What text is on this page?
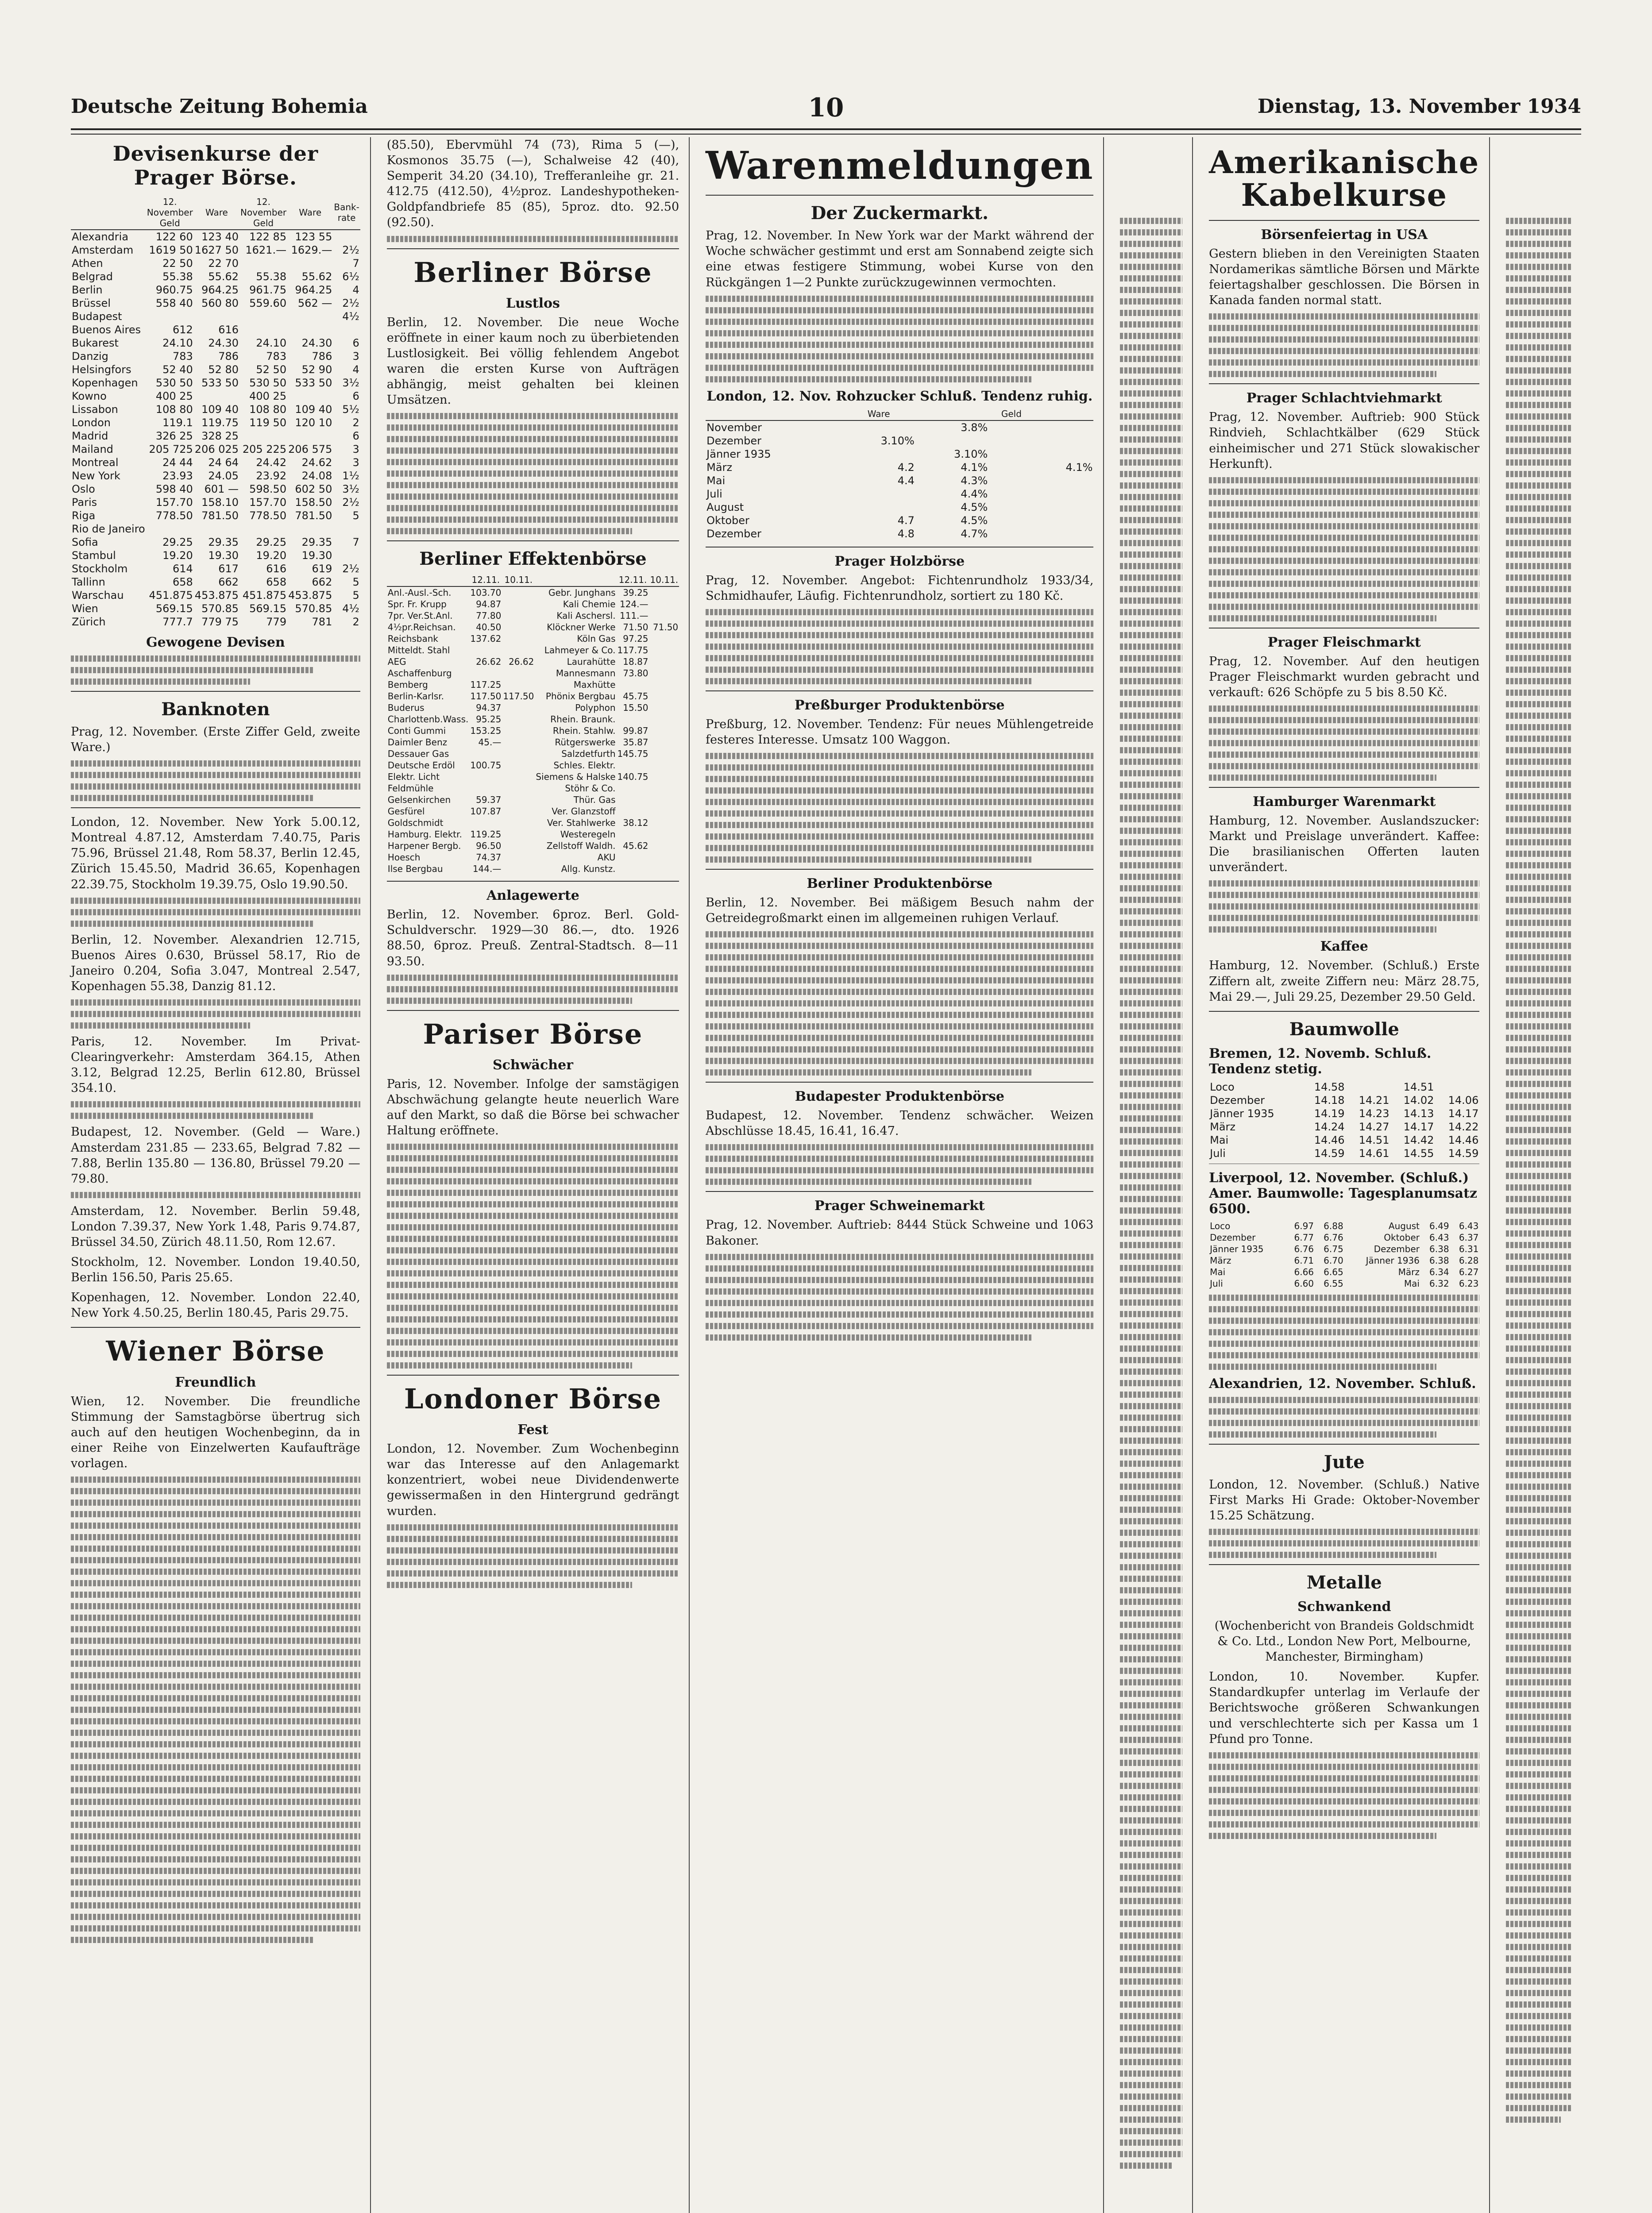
Deutsche Zeitung Bohemia	10	Dienstag, 13. November 1934
Devisenkurse der Prager Börse.
	12. November Geld	Ware	12. November Geld	Ware	Bank-rate
Alexandria	122 60	123 40	122 85	123 55	
Amsterdam	1619 50	1627 50	1621.—	1629.—	2½
Athen	22 50	22 70			7
Belgrad	55.38	55.62	55.38	55.62	6½
Berlin	960.75	964.25	961.75	964.25	4
Brüssel	558 40	560 80	559.60	562 —	2½
Budapest					4½
Buenos Aires	612	616			
Bukarest	24.10	24.30	24.10	24.30	6
Danzig	783	786	783	786	3
Helsingfors	52 40	52 80	52 50	52 90	4
Kopenhagen	530 50	533 50	530 50	533 50	3½
Kowno	400 25		400 25		6
Lissabon	108 80	109 40	108 80	109 40	5½
London	119.1	119.75	119 50	120 10	2
Madrid	326 25	328 25			6
Mailand	205 725	206 025	205 225	206 575	3
Montreal	24 44	24 64	24.42	24.62	3
New York	23.93	24.05	23.92	24.08	1½
Oslo	598 40	601 —	598.50	602 50	3½
Paris	157.70	158.10	157.70	158.50	2½
Riga	778.50	781.50	778.50	781.50	5
Rio de Janeiro					
Sofia	29.25	29.35	29.25	29.35	7
Stambul	19.20	19.30	19.20	19.30	
Stockholm	614	617	616	619	2½
Tallinn	658	662	658	662	5
Warschau	451.875	453.875	451.875	453.875	5
Wien	569.15	570.85	569.15	570.85	4½
Zürich	777.7	779 75	779	781	2
Gewogene Devisen
Banknoten

Prag, 12. November. (Erste Ziffer Geld, zweite Ware.)

London, 12. November. New York 5.00.12, Montreal 4.87.12, Amsterdam 7.40.75, Paris 75.96, Brüssel 21.48, Rom 58.37, Berlin 12.45, Zürich 15.45.50, Madrid 36.65, Kopenhagen 22.39.75, Stockholm 19.39.75, Oslo 19.90.50.

Berlin, 12. November. Alexandrien 12.715, Buenos Aires 0.630, Brüssel 58.17, Rio de Janeiro 0.204, Sofia 3.047, Montreal 2.547, Kopenhagen 55.38, Danzig 81.12.

Paris, 12. November. Im Privat-Clearingverkehr: Amsterdam 364.15, Athen 3.12, Belgrad 12.25, Berlin 612.80, Brüssel 354.10.

Budapest, 12. November. (Geld — Ware.) Amsterdam 231.85 — 233.65, Belgrad 7.82 — 7.88, Berlin 135.80 — 136.80, Brüssel 79.20 — 79.80.

Amsterdam, 12. November. Berlin 59.48, London 7.39.37, New York 1.48, Paris 9.74.87, Brüssel 34.50, Zürich 48.11.50, Rom 12.67.

Stockholm, 12. November. London 19.40.50, Berlin 156.50, Paris 25.65.

Kopenhagen, 12. November. London 22.40, New York 4.50.25, Berlin 180.45, Paris 29.75.

Wiener Börse
Freundlich

Wien, 12. November. Die freundliche Stimmung der Samstagbörse übertrug sich auch auf den heutigen Wochenbeginn, da in einer Reihe von Einzelwerten Kaufaufträge vorlagen.

(85.50), Ebervmühl 74 (73), Rima 5 (—), Kosmonos 35.75 (—), Schalweise 42 (40), Semperit 34.20 (34.10), Trefferanleihe gr. 21. 412.75 (412.50), 4½proz. Landeshypotheken-Goldpfandbriefe 85 (85), 5proz. dto. 92.50 (92.50).

Berliner Börse
Lustlos

Berlin, 12. November. Die neue Woche eröffnete in einer kaum noch zu überbietenden Lustlosigkeit. Bei völlig fehlendem Angebot waren die ersten Kurse von Aufträgen abhängig, meist gehalten bei kleinen Umsätzen.

Berliner Effektenbörse
	12.11.	10.11.		12.11.	10.11.
Anl.-Ausl.-Sch.	103.70		Gebr. Junghans	39.25	
Spr. Fr. Krupp	94.87		Kali Chemie	124.—	
7pr. Ver.St.Anl.	77.80		Kali Aschersl.	111.—	
4½pr.Reichsan.	40.50		Klöckner Werke	71.50	71.50
Reichsbank	137.62		Köln Gas	97.25	
Mitteldt. Stahl			Lahmeyer & Co.	117.75	
AEG	26.62	26.62	Laurahütte	18.87	
Aschaffenburg			Mannesmann	73.80	
Bemberg	117.25		Maxhütte		
Berlin-Karlsr.	117.50	117.50	Phönix Bergbau	45.75	
Buderus	94.37		Polyphon	15.50	
Charlottenb.Wass.	95.25		Rhein. Braunk.		
Conti Gummi	153.25		Rhein. Stahlw.	99.87	
Daimler Benz	45.—		Rütgerswerke	35.87	
Dessauer Gas			Salzdetfurth	145.75	
Deutsche Erdöl	100.75		Schles. Elektr.		
Elektr. Licht			Siemens & Halske	140.75	
Feldmühle			Stöhr & Co.		
Gelsenkirchen	59.37		Thür. Gas		
Gesfürel	107.87		Ver. Glanzstoff		
Goldschmidt			Ver. Stahlwerke	38.12	
Hamburg. Elektr.	119.25		Westeregeln		
Harpener Bergb.	96.50		Zellstoff Waldh.	45.62	
Hoesch	74.37		AKU		
Ilse Bergbau	144.—		Allg. Kunstz.		
Anlagewerte

Berlin, 12. November. 6proz. Berl. Gold-Schuldverschr. 1929—30 86.—, dto. 1926 88.50, 6proz. Preuß. Zentral-Stadtsch. 8—11 93.50.

Pariser Börse
Schwächer

Paris, 12. November. Infolge der samstägigen Abschwächung gelangte heute neuerlich Ware auf den Markt, so daß die Börse bei schwacher Haltung eröffnete.

Londoner Börse
Fest

London, 12. November. Zum Wochenbeginn war das Interesse auf den Anlagemarkt konzentriert, wobei neue Dividendenwerte gewissermaßen in den Hintergrund gedrängt wurden.

Warenmeldungen
Der Zuckermarkt.

Prag, 12. November. In New York war der Markt während der Woche schwächer gestimmt und erst am Sonnabend zeigte sich eine etwas festigere Stimmung, wobei Kurse von den Rückgängen 1—2 Punkte zurückzugewinnen vermochten.

London, 12. Nov. Rohzucker Schluß. Tendenz ruhig.
	Ware		Geld	
November		3.8%		
Dezember	3.10%			
Jänner 1935		3.10%		
März	4.2	4.1%		4.1%
Mai	4.4	4.3%		
Juli		4.4%		
August		4.5%		
Oktober	4.7	4.5%		
Dezember	4.8	4.7%		
Prager Holzbörse

Prag, 12. November. Angebot: Fichtenrundholz 1933/34, Schmidhaufer, Läufig. Fichtenrundholz, sortiert zu 180 Kč.

Preßburger Produktenbörse

Preßburg, 12. November. Tendenz: Für neues Mühlengetreide festeres Interesse. Umsatz 100 Waggon.

Berliner Produktenbörse

Berlin, 12. November. Bei mäßigem Besuch nahm der Getreidegroßmarkt einen im allgemeinen ruhigen Verlauf.

Budapester Produktenbörse

Budapest, 12. November. Tendenz schwächer. Weizen Abschlüsse 18.45, 16.41, 16.47.

Prager Schweinemarkt

Prag, 12. November. Auftrieb: 8444 Stück Schweine und 1063 Bakoner.

Amerikanische Kabelkurse
Börsenfeiertag in USA

Gestern blieben in den Vereinigten Staaten Nordamerikas sämtliche Börsen und Märkte feiertagshalber geschlossen. Die Börsen in Kanada fanden normal statt.

Prager Schlachtviehmarkt

Prag, 12. November. Auftrieb: 900 Stück Rindvieh, Schlachtkälber (629 Stück einheimischer und 271 Stück slowakischer Herkunft).

Prager Fleischmarkt

Prag, 12. November. Auf den heutigen Prager Fleischmarkt wurden gebracht und verkauft: 626 Schöpfe zu 5 bis 8.50 Kč.

Hamburger Warenmarkt

Hamburg, 12. November. Auslandszucker: Markt und Preislage unverändert. Kaffee: Die brasilianischen Offerten lauten unverändert.

Kaffee

Hamburg, 12. November. (Schluß.) Erste Ziffern alt, zweite Ziffern neu: März 28.75, Mai 29.—, Juli 29.25, Dezember 29.50 Geld.

Baumwolle
Bremen, 12. Novemb. Schluß. Tendenz stetig.
Loco	14.58		14.51	
Dezember	14.18	14.21	14.02	14.06
Jänner 1935	14.19	14.23	14.13	14.17
März	14.24	14.27	14.17	14.22
Mai	14.46	14.51	14.42	14.46
Juli	14.59	14.61	14.55	14.59
Liverpool, 12. November. (Schluß.) Amer. Baumwolle: Tagesplanumsatz 6500.
Loco	6.97	6.88	August	6.49	6.43
Dezember	6.77	6.76	Oktober	6.43	6.37
Jänner 1935	6.76	6.75	Dezember	6.38	6.31
März	6.71	6.70	Jänner 1936	6.38	6.28
Mai	6.66	6.65	März	6.34	6.27
Juli	6.60	6.55	Mai	6.32	6.23
Alexandrien, 12. November. Schluß.
Jute

London, 12. November. (Schluß.) Native First Marks Hi Grade: Oktober-November 15.25 Schätzung.

Metalle
Schwankend

(Wochenbericht von Brandeis Goldschmidt & Co. Ltd., London New Port, Melbourne, Manchester, Birmingham)

London, 10. November. Kupfer. Standardkupfer unterlag im Verlaufe der Berichtswoche größeren Schwankungen und verschlechterte sich per Kassa um 1 Pfund pro Tonne.
